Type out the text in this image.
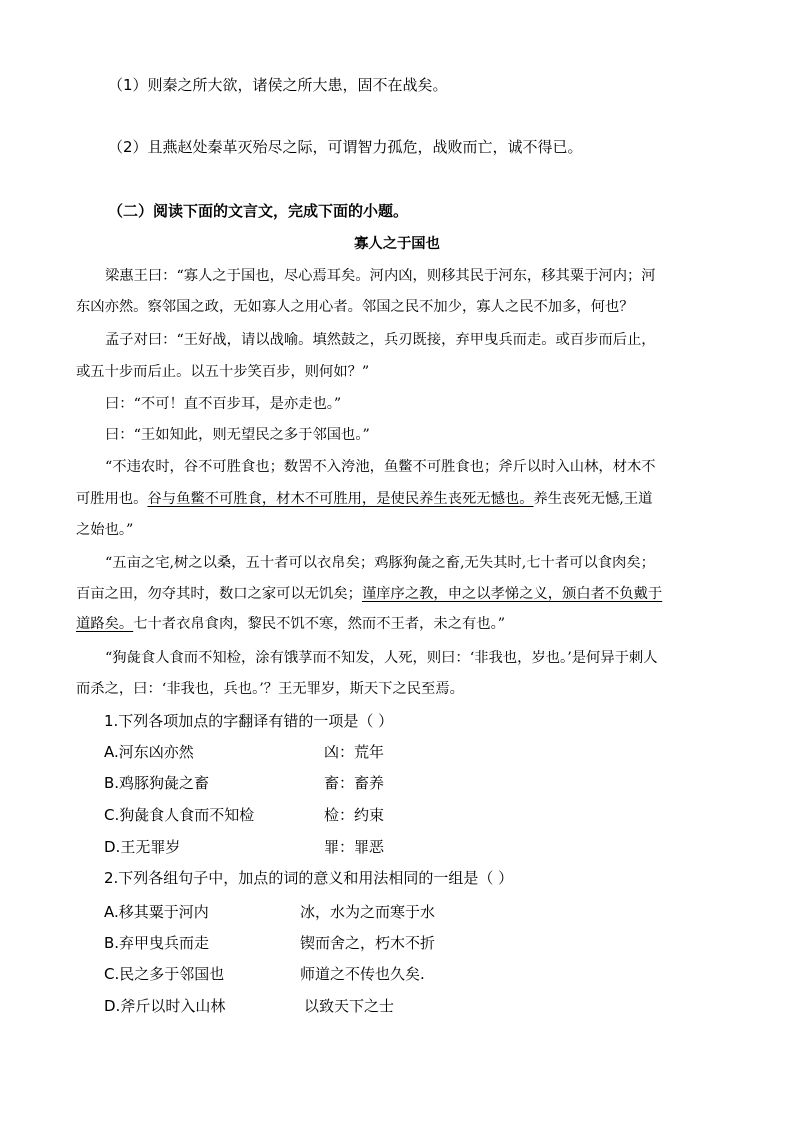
（1）则秦之所大欲，诸侯之所大患，固不在战矣。
（2）且燕赵处秦革灭殆尽之际，可谓智力孤危，战败而亡，诚不得已。
（二）阅读下面的文言文，完成下面的小题。
寡人之于国也
梁惠王曰：“寡人之于国也，尽心焉耳矣。河内凶，则移其民于河东，移其粟于河内；河
东凶亦然。察邻国之政，无如寡人之用心者。邻国之民不加少，寡人之民不加多，何也？
孟子对曰：“王好战，请以战喻。填然鼓之，兵刃既接，弃甲曳兵而走。或百步而后止，
或五十步而后止。以五十步笑百步，则何如？”
曰：“不可！直不百步耳，是亦走也。”
曰：“王如知此，则无望民之多于邻国也。”
“不违农时，谷不可胜食也；数罟不入洿池，鱼鳖不可胜食也；斧斤以时入山林，材木不
可胜用也。谷与鱼鳖不可胜食，材木不可胜用，是使民养生丧死无憾也。养生丧死无憾,王道
之始也。”
“五亩之宅,树之以桑，五十者可以衣帛矣；鸡豚狗彘之畜,无失其时,七十者可以食肉矣；
百亩之田，勿夺其时，数口之家可以无饥矣；谨庠序之教，申之以孝悌之义，颁白者不负戴于
道路矣。七十者衣帛食肉，黎民不饥不寒，然而不王者，未之有也。”
“狗彘食人食而不知检，涂有饿莩而不知发，人死，则曰：‘非我也，岁也。’是何异于刺人
而杀之，曰：‘非我也，兵也。’？王无罪岁，斯天下之民至焉。
1.下列各项加点的字翻译有错的一项是（ ）
A.河东凶亦然	凶：荒年
B.鸡豚狗彘之畜	畜：畜养
C.狗彘食人食而不知检	检：约束
D.王无罪岁	罪：罪恶
2.下列各组句子中，加点的词的意义和用法相同的一组是（ ）
A.移其粟于河内	冰，水为之而寒于水
B.弃甲曳兵而走	锲而舍之，朽木不折
C.民之多于邻国也	师道之不传也久矣.
D.斧斤以时入山林	以致天下之士
